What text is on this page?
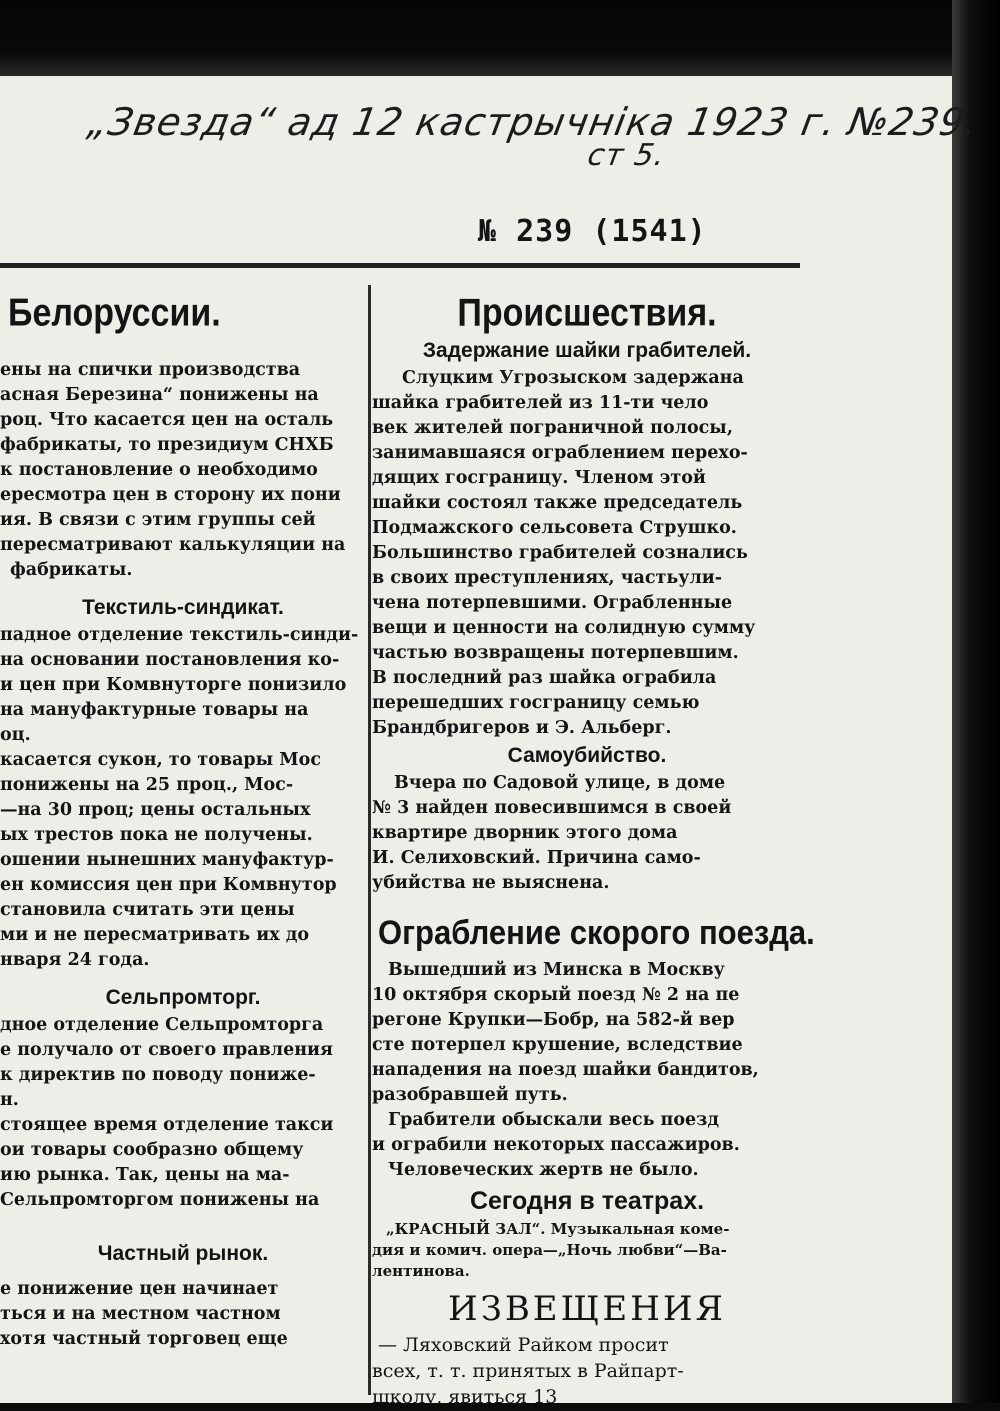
„Звезда“ ад 12 кастрычніка 1923 г. №239.
ст 5.
№ 239 (1541)
Белоруссии.

ены на спички производства

асная Березина“ понижены на

роц. Что касается цен на осталь

фабрикаты, то президиум СНХБ

к постановление о необходимо

ересмотра цен в сторону их пони

ия. В связи с этим группы сей

пересматривают калькуляции на

фабрикаты.

Текстиль-синдикат.

падное отделение текстиль-синди-

на основании постановления ко-

и цен при Комвнуторге понизило

на мануфактурные товары на

оц.

касается сукон, то товары Мос

понижены на 25 проц., Мос-

—на 30 проц; цены остальных

ых трестов пока не получены.

ошении нынешних мануфактур-

ен комиссия цен при Комвнутор

становила считать эти цены

ми и не пересматривать их до

нваря 24 года.

Сельпромторг.

дное отделение Сельпромторга

е получало от своего правления

к директив по поводу понижe-

н.

стоящее время отделение такси

ои товары сообразно общему

ию рынка. Так, цены на ма-

Сельпромторгом понижены на

Частный рынок.

е понижение цен начинает

ться и на местном частном

хотя частный торговец еще

Происшествия.
Задержание шайки грабителей.

Слуцким Угрозыском задержана

шайка грабителей из 11-ти чело

век жителей пограничной полосы,

занимавшаяся ограблением перехо-

дящих госграницу. Членом этой

шайки состоял также председатель

Подмажского сельсовета Струшко.

Большинство грабителей сознались

в своих преступлениях, частьули-

чена потерпевшими. Ограбленные

вещи и ценности на солидную сумму

частью возвращены потерпевшим.

В последний раз шайка ограбила

перешедших госграницу семью

Брандбригеров и Э. Альберг.

Самоубийство.

Вчера по Садовой улице, в доме

№ 3 найден повесившимся в своей

квартире дворник этого дома

И. Селиховский. Причина само-

убийства не выяснена.

Ограбление скорого поезда.

Вышедший из Минска в Москву

10 октября скорый поезд № 2 на пе

регоне Крупки—Бобр, на 582-й вер

сте потерпел крушение, вследствие

нападения на поезд шайки бандитов,

разобравшей путь.

Грабители обыскали весь поезд

и ограбили некоторых пассажиров.

Человеческих жертв не было.

Сегодня в театрах.

„КРАСНЫЙ ЗАЛ“. Музыкальная коме-

дия и комич. опера—„Ночь любви“—Ва-

лентинова.

ИЗВЕЩЕНИЯ

— Ляховский Райком просит

всех, т. т. принятых в Райпарт-

школу, явиться 13
